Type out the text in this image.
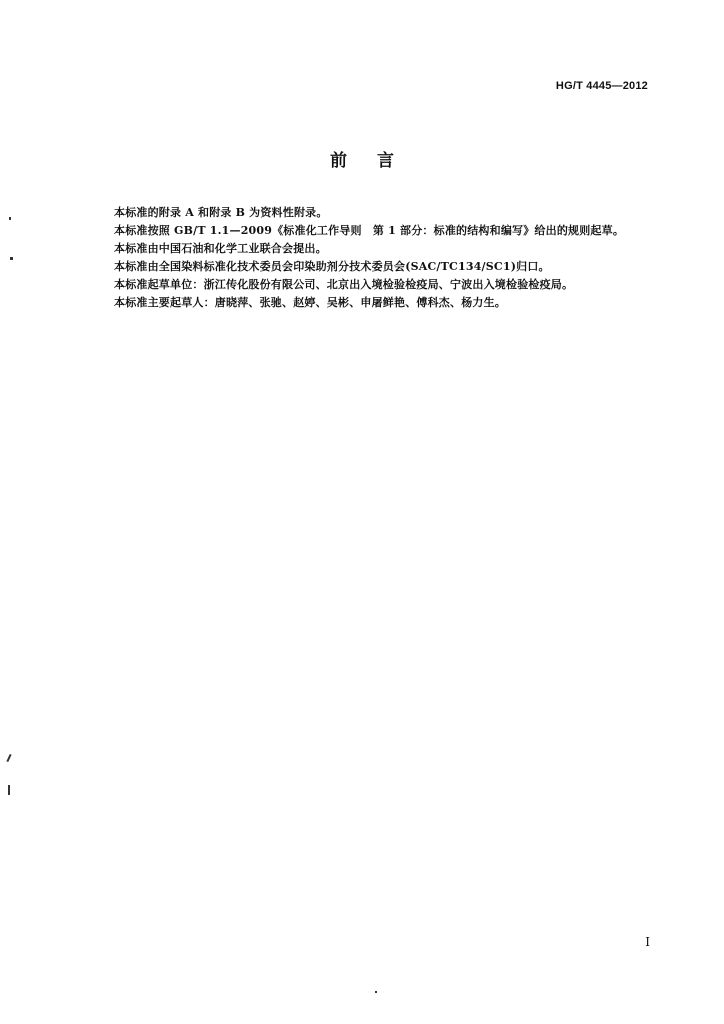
HG/T 4445—2012
前 言
本标准的附录 A 和附录 B 为资料性附录。
本标准按照 GB/T 1.1—2009《标准化工作导则　第 1 部分：标准的结构和编写》给出的规则起草。
本标准由中国石油和化学工业联合会提出。
本标准由全国染料标准化技术委员会印染助剂分技术委员会(SAC/TC134/SC1)归口。
本标准起草单位：浙江传化股份有限公司、北京出入境检验检疫局、宁波出入境检验检疫局。
本标准主要起草人：唐晓萍、张驰、赵婷、吴彬、申屠鲜艳、傅科杰、杨力生。
I
